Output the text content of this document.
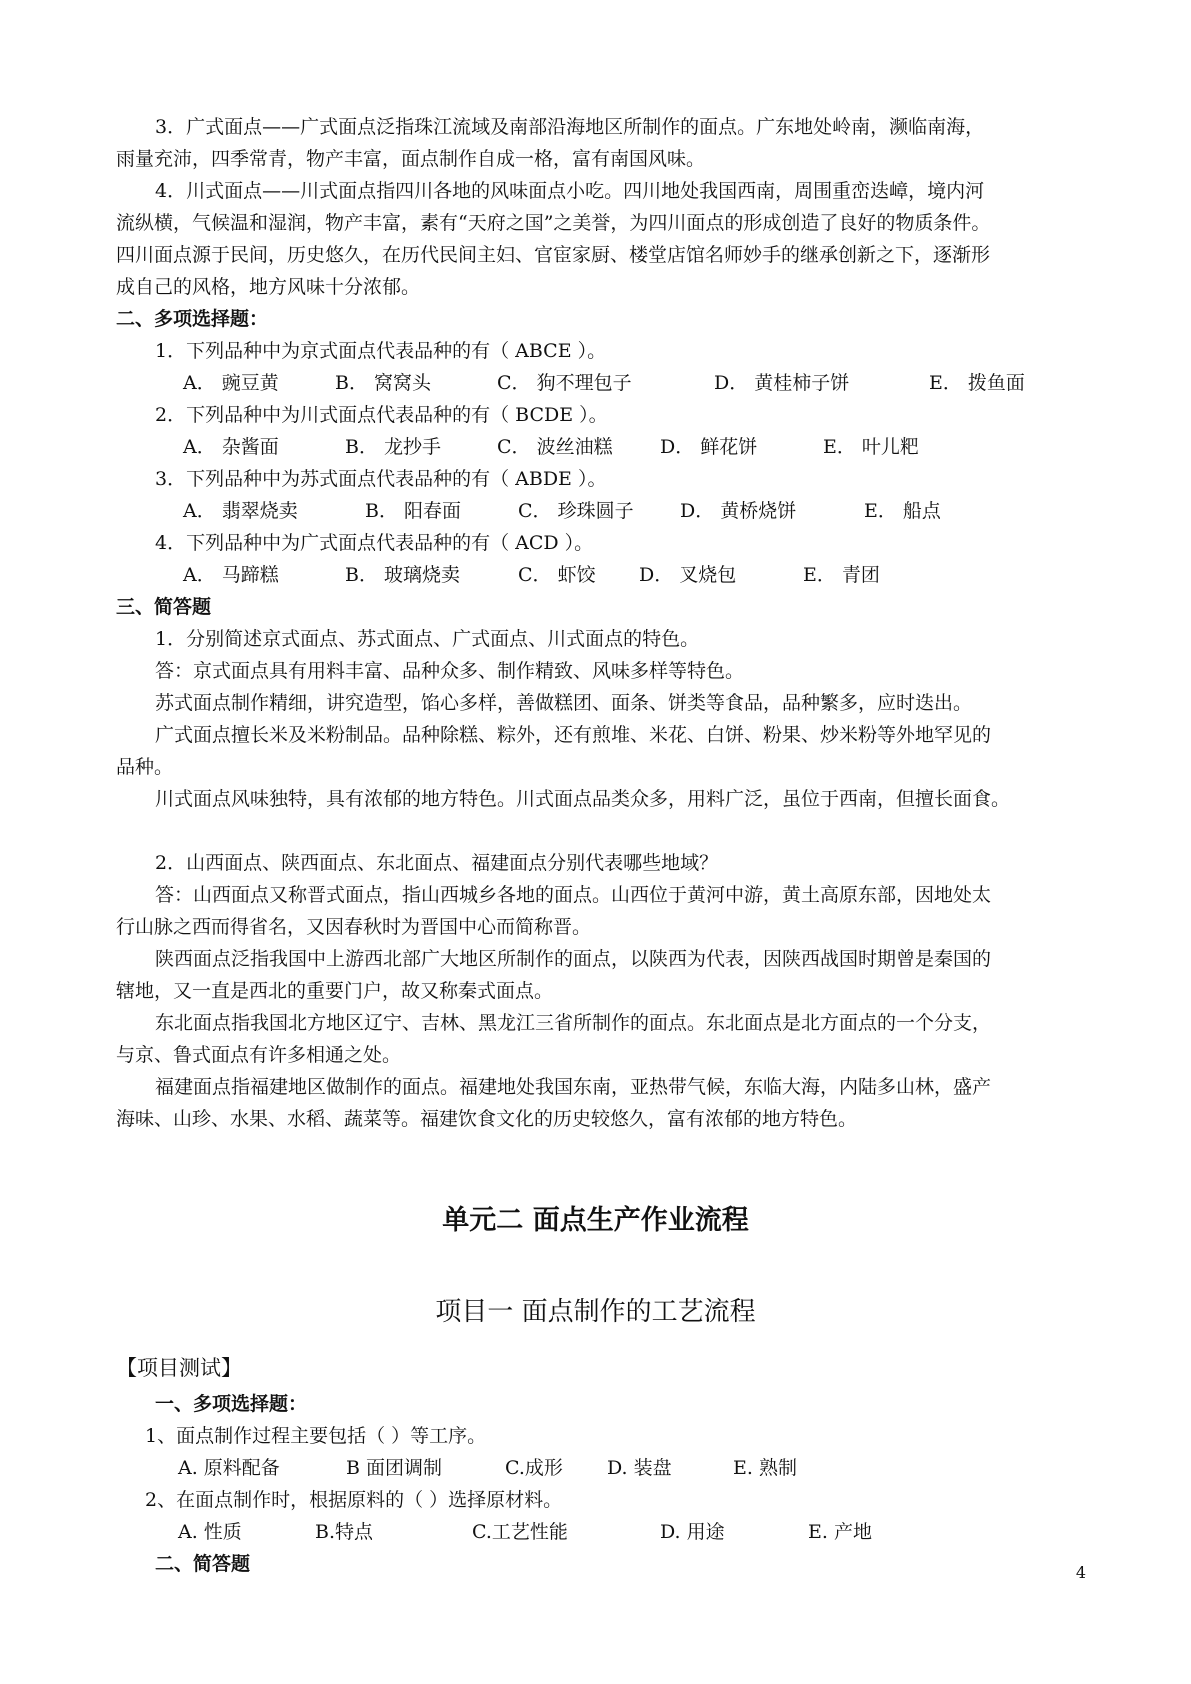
3．广式面点——广式面点泛指珠江流域及南部沿海地区所制作的面点。广东地处岭南，濒临南海，

雨量充沛，四季常青，物产丰富，面点制作自成一格，富有南国风味。

4．川式面点——川式面点指四川各地的风味面点小吃。四川地处我国西南，周围重峦迭嶂，境内河

流纵横，气候温和湿润，物产丰富，素有“天府之国”之美誉，为四川面点的形成创造了良好的物质条件。

四川面点源于民间，历史悠久，在历代民间主妇、官宦家厨、楼堂店馆名师妙手的继承创新之下，逐渐形

成自己的风格，地方风味十分浓郁。

二、多项选择题：
1．下列品种中为京式面点代表品种的有（ ABCE ）。
A． 豌豆黄	B． 窝窝头	C． 狗不理包子	D． 黄桂柿子饼	E． 拨鱼面
2．下列品种中为川式面点代表品种的有（ BCDE ）。
A． 杂酱面	B． 龙抄手	C． 波丝油糕 D． 鲜花饼	E． 叶儿粑
3．下列品种中为苏式面点代表品种的有（ ABDE ）。
A． 翡翠烧卖	B． 阳春面	C． 珍珠圆子 D． 黄桥烧饼	E． 船点
4．下列品种中为广式面点代表品种的有（ ACD ）。
A． 马蹄糕	B． 玻璃烧卖	C． 虾饺 D． 叉烧包	E． 青团
三、简答题

1．分别简述京式面点、苏式面点、广式面点、川式面点的特色。

答：京式面点具有用料丰富、品种众多、制作精致、风味多样等特色。

苏式面点制作精细，讲究造型，馅心多样，善做糕团、面条、饼类等食品，品种繁多，应时迭出。

广式面点擅长米及米粉制品。品种除糕、粽外，还有煎堆、米花、白饼、粉果、炒米粉等外地罕见的

品种。

川式面点风味独特，具有浓郁的地方特色。川式面点品类众多，用料广泛，虽位于西南，但擅长面食。

2．山西面点、陕西面点、东北面点、福建面点分别代表哪些地域？

答：山西面点又称晋式面点，指山西城乡各地的面点。山西位于黄河中游，黄土高原东部，因地处太

行山脉之西而得省名，又因春秋时为晋国中心而简称晋。

陕西面点泛指我国中上游西北部广大地区所制作的面点，以陕西为代表，因陕西战国时期曾是秦国的

辖地，又一直是西北的重要门户，故又称秦式面点。

东北面点指我国北方地区辽宁、吉林、黑龙江三省所制作的面点。东北面点是北方面点的一个分支，

与京、鲁式面点有许多相通之处。

福建面点指福建地区做制作的面点。福建地处我国东南，亚热带气候，东临大海，内陆多山林，盛产

海味、山珍、水果、水稻、蔬菜等。福建饮食文化的历史较悠久，富有浓郁的地方特色。

单元二 面点生产作业流程
项目一 面点制作的工艺流程
【项目测试】
一、多项选择题：
1、面点制作过程主要包括（ ）等工序。
A. 原料配备	B 面团调制	C.成形 D. 装盘	E. 熟制
2、在面点制作时，根据原料的（ ）选择原材料。
A. 性质	B.特点	C.工艺性能	D. 用途	E. 产地
二、简答题	4
